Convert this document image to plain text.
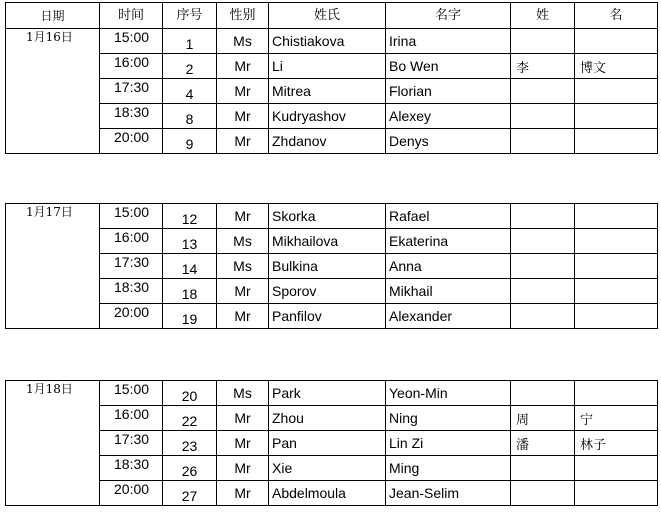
日期	时间	序号	性别	姓氏	名字	姓	名

1月16日	15:00	1	Ms	Chistiakova	Irina	

	16:00	2	Mr	Li	Bo Wen	李	博文

	17:30	4	Mr	Mitrea	Florian	

	18:30	8	Mr	Kudryashov	Alexey	

	20:00	9	Mr	Zhdanov	Denys	

1月17日	15:00	12	Mr	Skorka	Rafael	

	16:00	13	Ms	Mikhailova	Ekaterina	

	17:30	14	Ms	Bulkina	Anna	

	18:30	18	Mr	Sporov	Mikhail	

	20:00	19	Mr	Panfilov	Alexander	

1月18日	15:00	20	Ms	Park	Yeon-Min	

	16:00	22	Mr	Zhou	Ning	周	宁

	17:30	23	Mr	Pan	Lin Zi	潘	林子

	18:30	26	Mr	Xie	Ming	

	20:00	27	Mr	Abdelmoula	Jean-Selim	
